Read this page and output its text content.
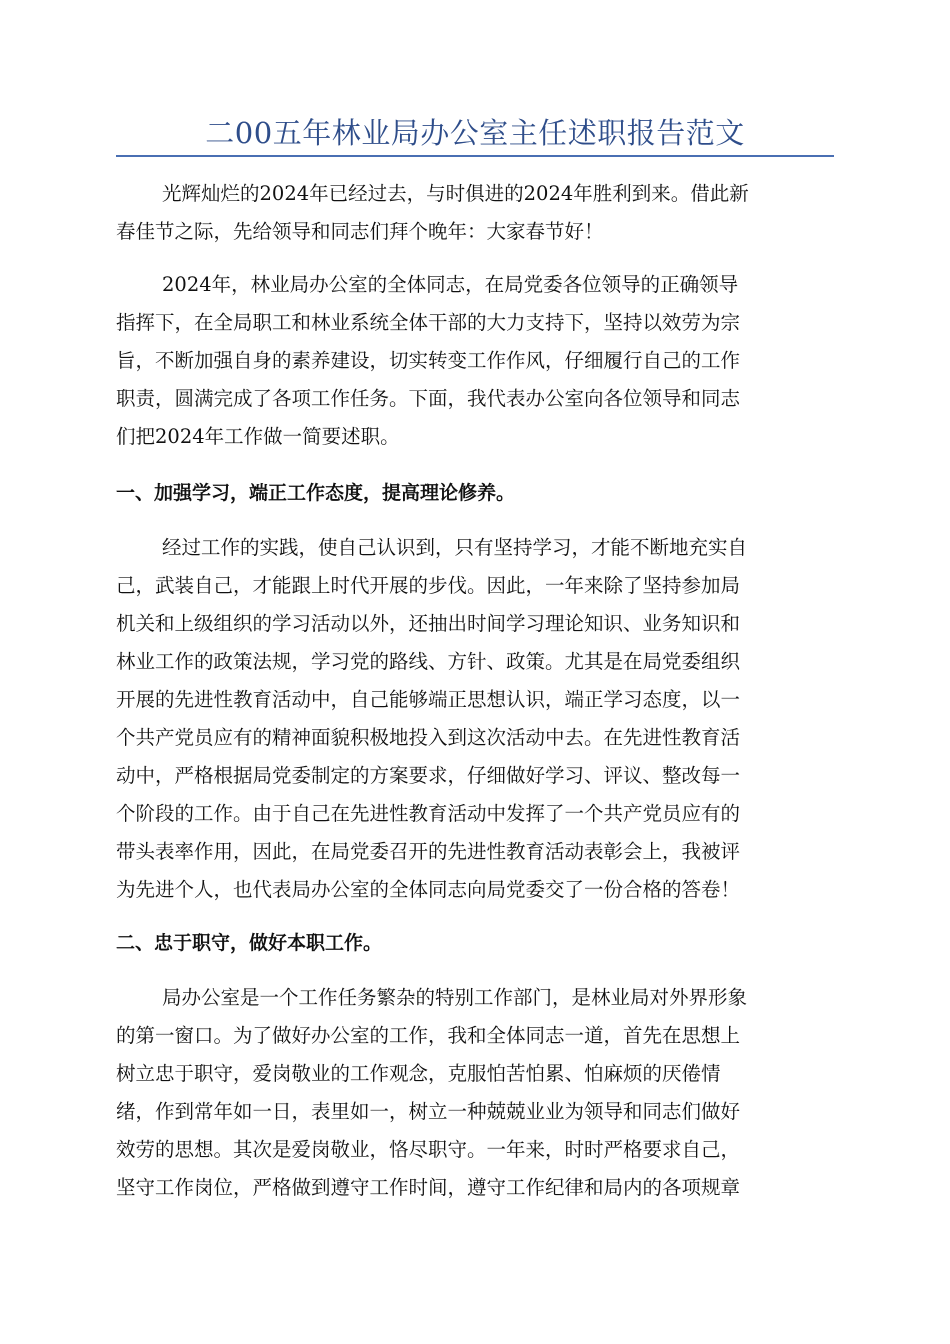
二00五年林业局办公室主任述职报告范文
光辉灿烂的2024年已经过去，与时俱进的2024年胜利到来。借此新
春佳节之际，先给领导和同志们拜个晚年：大家春节好！
2024年，林业局办公室的全体同志，在局党委各位领导的正确领导
指挥下，在全局职工和林业系统全体干部的大力支持下，坚持以效劳为宗
旨，不断加强自身的素养建设，切实转变工作作风，仔细履行自己的工作
职责，圆满完成了各项工作任务。下面，我代表办公室向各位领导和同志
们把2024年工作做一简要述职。
一、加强学习，端正工作态度，提高理论修养。
经过工作的实践，使自己认识到，只有坚持学习，才能不断地充实自
己，武装自己，才能跟上时代开展的步伐。因此，一年来除了坚持参加局
机关和上级组织的学习活动以外，还抽出时间学习理论知识、业务知识和
林业工作的政策法规，学习党的路线、方针、政策。尤其是在局党委组织
开展的先进性教育活动中，自己能够端正思想认识，端正学习态度，以一
个共产党员应有的精神面貌积极地投入到这次活动中去。在先进性教育活
动中，严格根据局党委制定的方案要求，仔细做好学习、评议、整改每一
个阶段的工作。由于自己在先进性教育活动中发挥了一个共产党员应有的
带头表率作用，因此，在局党委召开的先进性教育活动表彰会上，我被评
为先进个人，也代表局办公室的全体同志向局党委交了一份合格的答卷！
二、忠于职守，做好本职工作。
局办公室是一个工作任务繁杂的特别工作部门，是林业局对外界形象
的第一窗口。为了做好办公室的工作，我和全体同志一道，首先在思想上
树立忠于职守，爱岗敬业的工作观念，克服怕苦怕累、怕麻烦的厌倦情
绪，作到常年如一日，表里如一，树立一种兢兢业业为领导和同志们做好
效劳的思想。其次是爱岗敬业，恪尽职守。一年来，时时严格要求自己，
坚守工作岗位，严格做到遵守工作时间，遵守工作纪律和局内的各项规章
